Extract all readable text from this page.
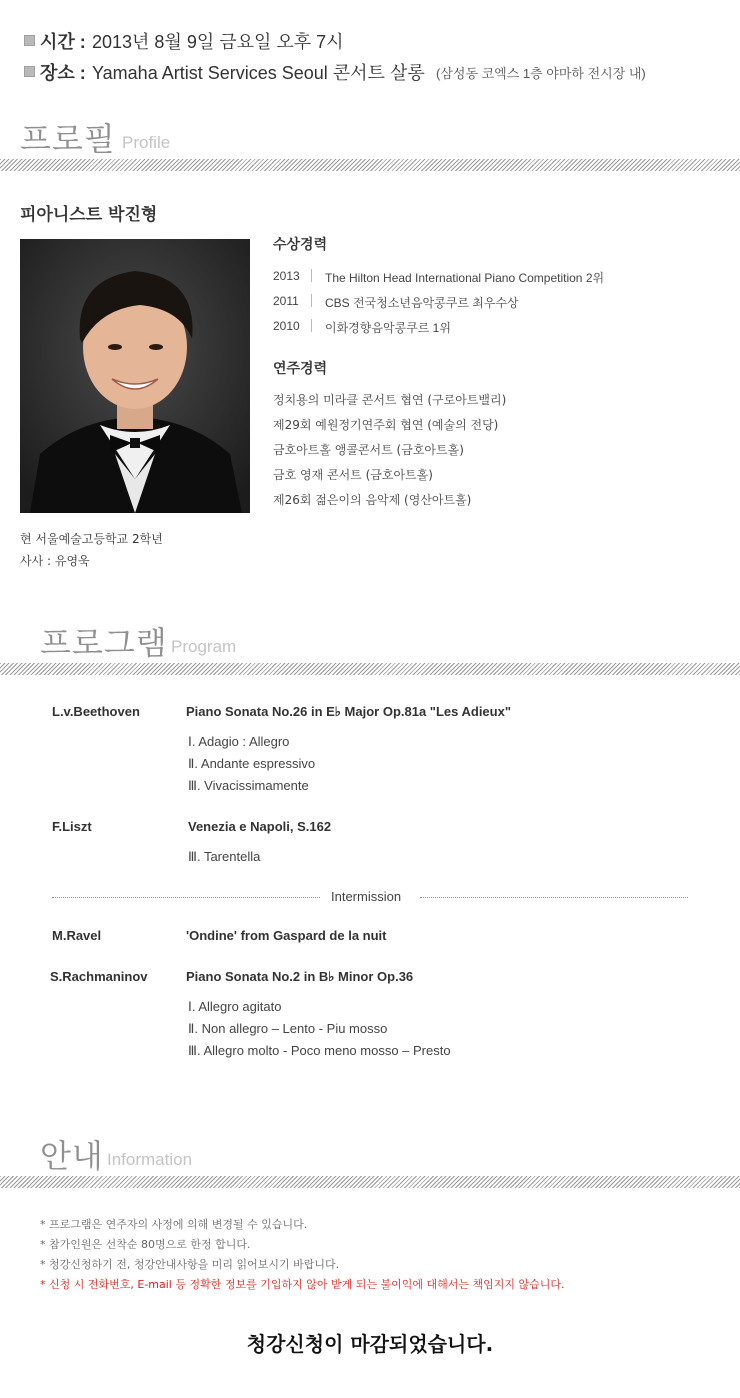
시간 : 2013년 8월 9일 금요일 오후 7시
장소 : Yamaha Artist Services Seoul 콘서트 살롱 (삼성동 코엑스 1층 야마하 전시장 내)
프로필 Profile
피아니스트 박진형
수상경력
2013 The Hilton Head International Piano Competition 2위
2011 CBS 전국청소년음악콩쿠르 최우수상
2010 이화경향음악콩쿠르 1위
연주경력
정치용의 미라클 콘서트 협연 (구로아트밸리)
제29회 예원정기연주회 협연 (예술의 전당)
금호아트홀 앵콜콘서트 (금호아트홀)
금호 영재 콘서트 (금호아트홀)
제26회 젊은이의 음악제 (영산아트홀)
현 서울예술고등학교 2학년
사사 : 유영욱
프로그램 Program
L.v.Beethoven	Piano Sonata No.26 in E♭ Major Op.81a "Les Adieux"
Ⅰ. Adagio : Allegro
Ⅱ. Andante espressivo
Ⅲ. Vivacissimamente
F.Liszt	Venezia e Napoli, S.162
Ⅲ. Tarentella
Intermission
M.Ravel	'Ondine' from Gaspard de la nuit
S.Rachmaninov	Piano Sonata No.2 in B♭ Minor Op.36
Ⅰ. Allegro agitato
Ⅱ. Non allegro – Lento - Piu mosso
Ⅲ. Allegro molto - Poco meno mosso – Presto
안내 Information
* 프로그램은 연주자의 사정에 의해 변경될 수 있습니다.
* 참가인원은 선착순 80명으로 한정 합니다.
* 청강신청하기 전, 청강안내사항을 미리 읽어보시기 바랍니다.
* 신청 시 전화번호, E-mail 등 정확한 정보를 기입하지 않아 받게 되는 불이익에 대해서는 책임지지 않습니다.
청강신청이 마감되었습니다.
